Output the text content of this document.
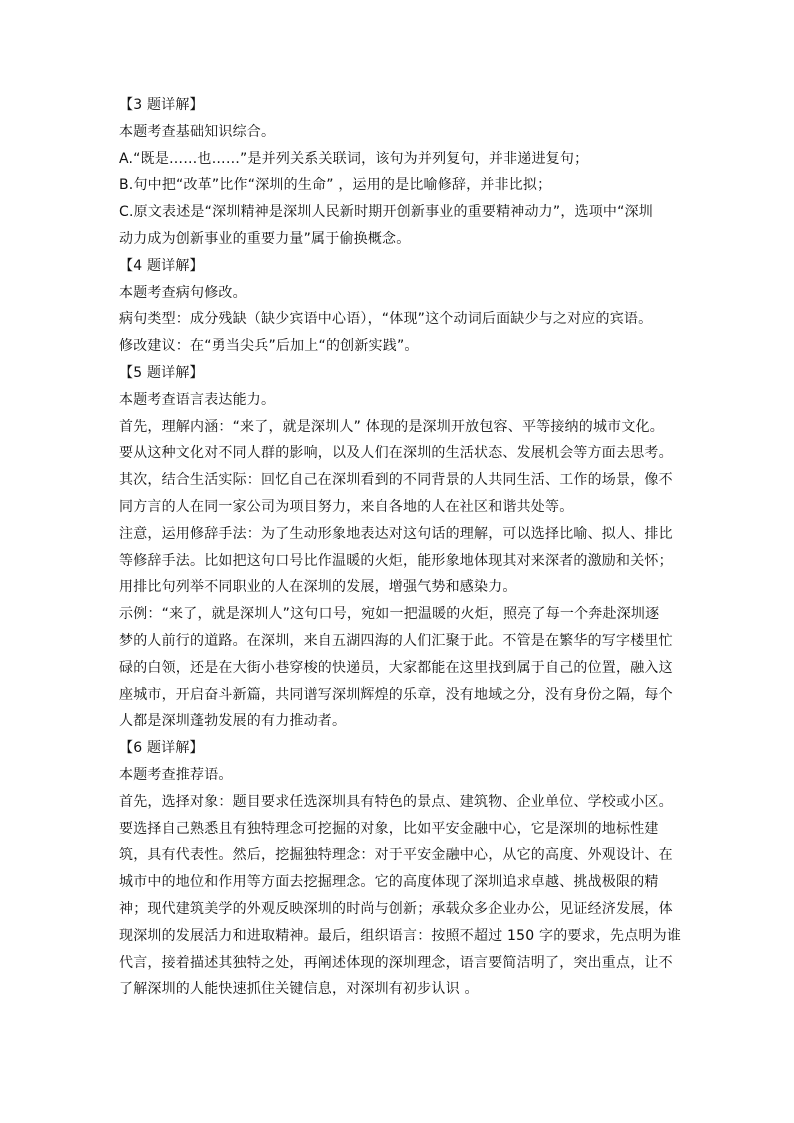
【3 题详解】
本题考查基础知识综合。
A.“既是……也……”是并列关系关联词，该句为并列复句，并非递进复句；
B.句中把“改革”比作“深圳的生命” ，运用的是比喻修辞，并非比拟；
C.原文表述是“深圳精神是深圳人民新时期开创新事业的重要精神动力”，选项中“深圳
动力成为创新事业的重要力量”属于偷换概念。
【4 题详解】
本题考查病句修改。
病句类型：成分残缺（缺少宾语中心语），“体现”这个动词后面缺少与之对应的宾语。
修改建议：在“勇当尖兵”后加上“的创新实践”。
【5 题详解】
本题考查语言表达能力。
首先，理解内涵：“来了，就是深圳人” 体现的是深圳开放包容、平等接纳的城市文化。
要从这种文化对不同人群的影响，以及人们在深圳的生活状态、发展机会等方面去思考。
其次，结合生活实际：回忆自己在深圳看到的不同背景的人共同生活、工作的场景，像不
同方言的人在同一家公司为项目努力，来自各地的人在社区和谐共处等。
注意，运用修辞手法：为了生动形象地表达对这句话的理解，可以选择比喻、拟人、排比
等修辞手法。比如把这句口号比作温暖的火炬，能形象地体现其对来深者的激励和关怀；
用排比句列举不同职业的人在深圳的发展，增强气势和感染力。
示例：“来了，就是深圳人”这句口号，宛如一把温暖的火炬，照亮了每一个奔赴深圳逐
梦的人前行的道路。在深圳，来自五湖四海的人们汇聚于此。不管是在繁华的写字楼里忙
碌的白领，还是在大街小巷穿梭的快递员，大家都能在这里找到属于自己的位置，融入这
座城市，开启奋斗新篇，共同谱写深圳辉煌的乐章，没有地域之分，没有身份之隔，每个
人都是深圳蓬勃发展的有力推动者。
【6 题详解】
本题考查推荐语。
首先，选择对象：题目要求任选深圳具有特色的景点、建筑物、企业单位、学校或小区。
要选择自己熟悉且有独特理念可挖掘的对象，比如平安金融中心，它是深圳的地标性建
筑，具有代表性。然后，挖掘独特理念：对于平安金融中心，从它的高度、外观设计、在
城市中的地位和作用等方面去挖掘理念。它的高度体现了深圳追求卓越、挑战极限的精
神；现代建筑美学的外观反映深圳的时尚与创新；承载众多企业办公，见证经济发展，体
现深圳的发展活力和进取精神。最后，组织语言：按照不超过 150 字的要求，先点明为谁
代言，接着描述其独特之处，再阐述体现的深圳理念，语言要简洁明了，突出重点，让不
了解深圳的人能快速抓住关键信息，对深圳有初步认识 。
